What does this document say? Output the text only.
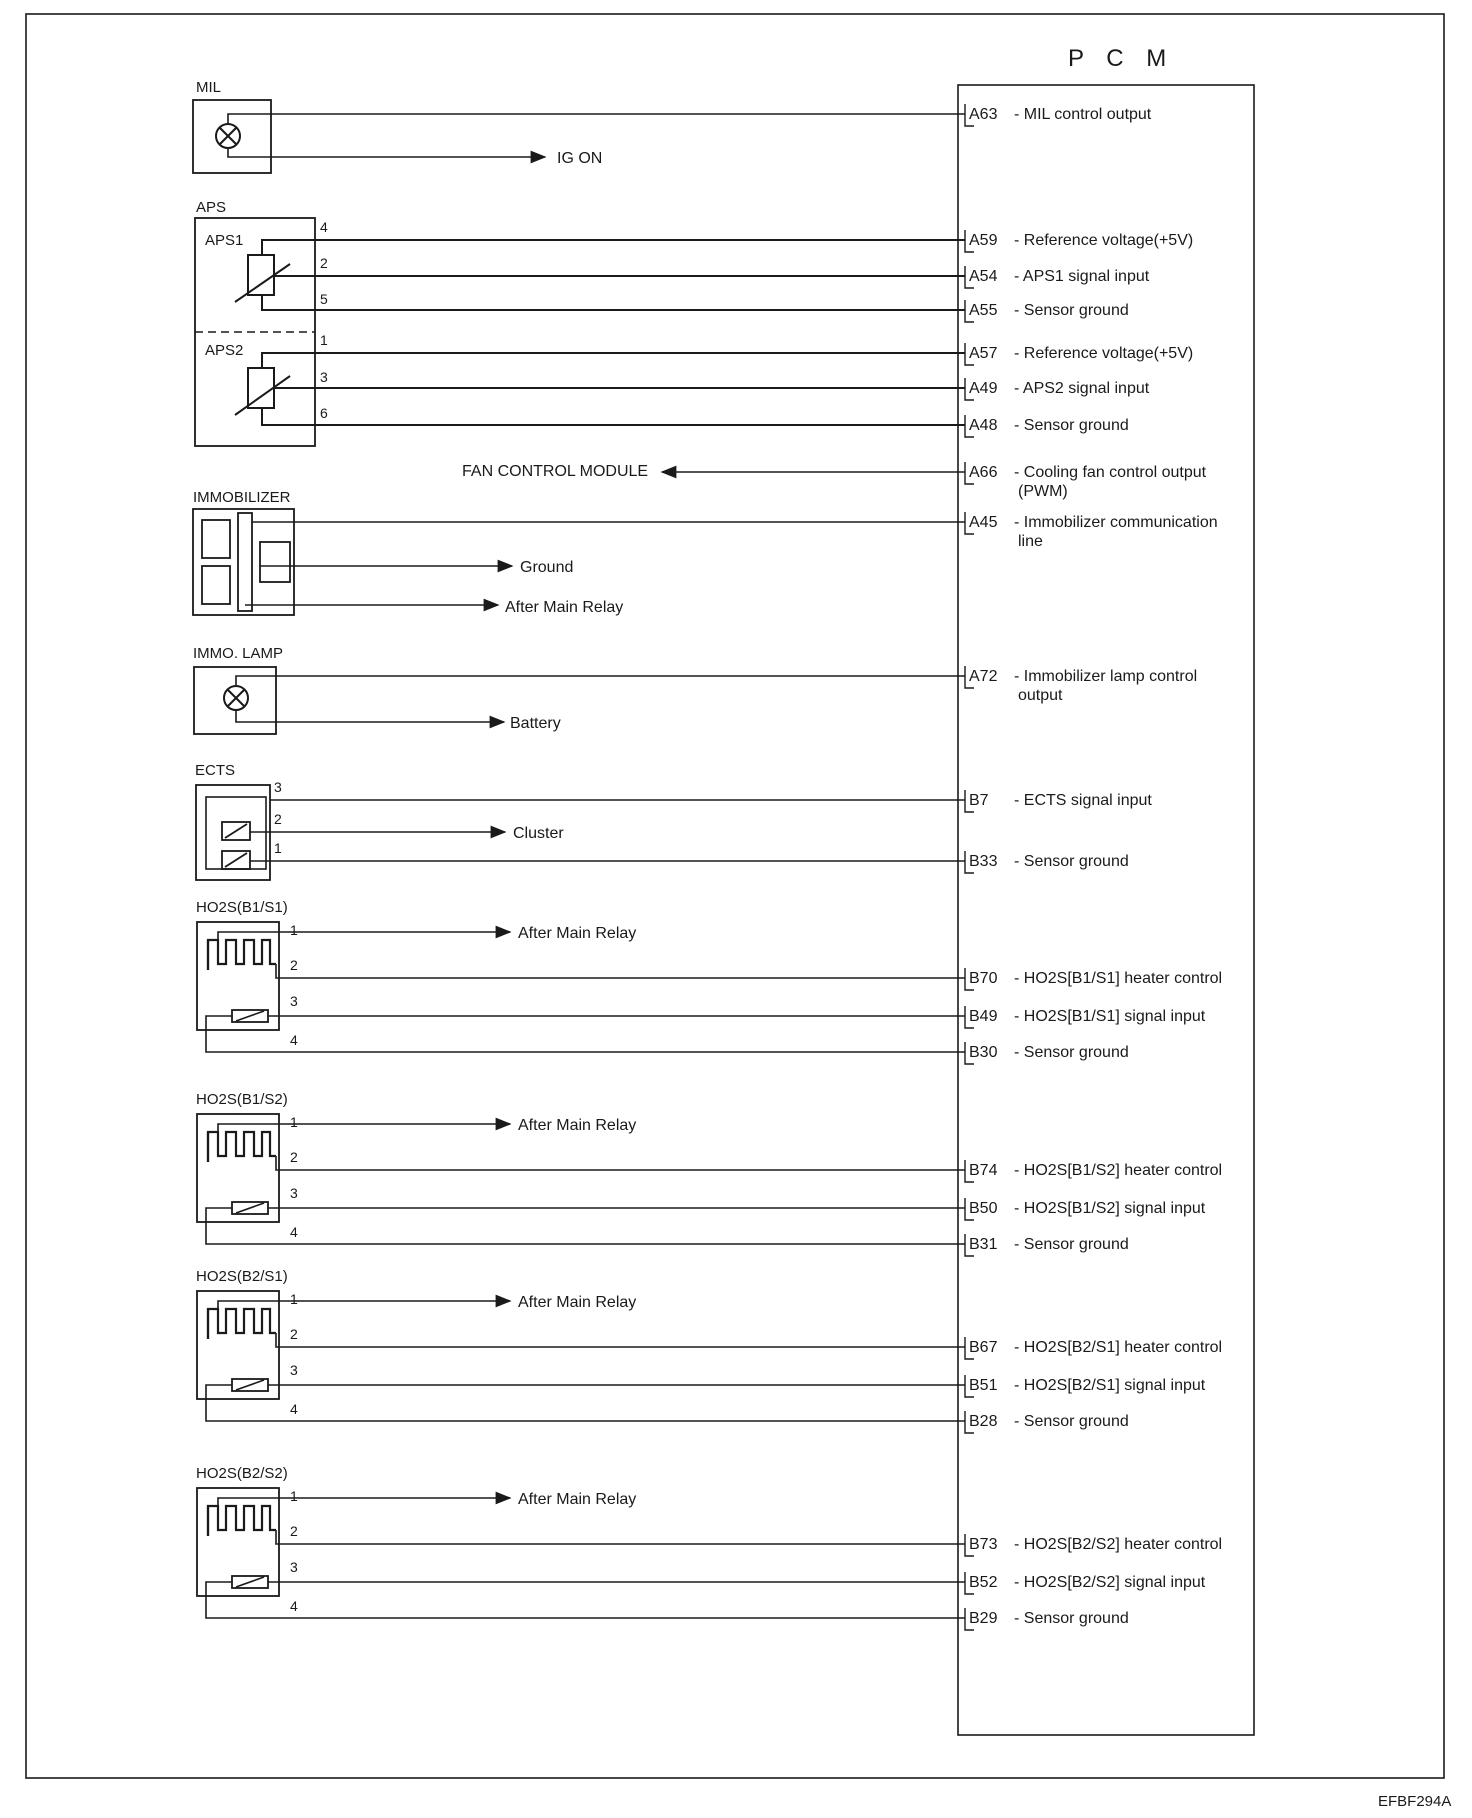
P C M
MIL
IG ON
APS
APS1
APS2
FAN CONTROL MODULE
IMMOBILIZER
Ground
After Main Relay
IMMO. LAMP
Battery
ECTS
Cluster
HO2S(B1/S1)
After Main Relay
HO2S(B1/S2)
After Main Relay
HO2S(B2/S1)
After Main Relay
HO2S(B2/S2)
After Main Relay
4
2
5
1
3
6
3
2
1
1
2
3
4
1
2
3
4
1
2
3
4
1
2
3
4
A63 - MIL control output
A59 - Reference voltage(+5V)
A54 - APS1 signal input
A55 - Sensor ground
A57 - Reference voltage(+5V)
A49 - APS2 signal input
A48 - Sensor ground
A66 - Cooling fan control output
(PWM)
A45 - Immobilizer communication
line
A72 - Immobilizer lamp control
output
B7 - ECTS signal input
B33 - Sensor ground
B70 - HO2S[B1/S1] heater control
B49 - HO2S[B1/S1] signal input
B30 - Sensor ground
B74 - HO2S[B1/S2] heater control
B50 - HO2S[B1/S2] signal input
B31 - Sensor ground
B67 - HO2S[B2/S1] heater control
B51 - HO2S[B2/S1] signal input
B28 - Sensor ground
B73 - HO2S[B2/S2] heater control
B52 - HO2S[B2/S2] signal input
B29 - Sensor ground
EFBF294A
